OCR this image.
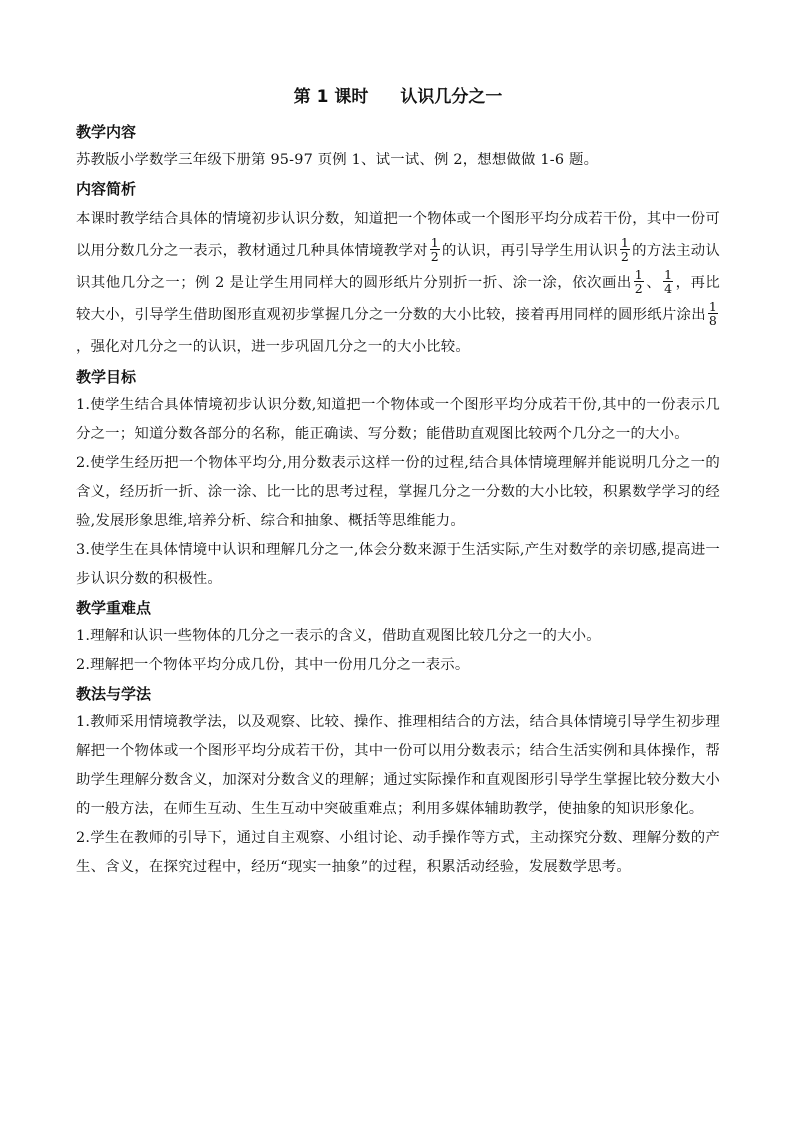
第 1 课时 认识几分之一
教学内容
苏教版小学数学三年级下册第 95-97 页例 1、试一试、例 2，想想做做 1-6 题。
内容简析
本课时教学结合具体的情境初步认识分数，知道把一个物体或一个图形平均分成若干份，其中一份可以用分数几分之一表示，教材通过几种具体情境教学对 $\frac{1}{2}$ 的认识，再引导学生用认识 $\frac{1}{2}$ 的方法主动认识其他几分之一；例 2 是让学生用同样大的圆形纸片分别折一折、涂一涂，依次画出 $\frac{1}{2}$ 、 $\frac{1}{4}$ ，再比较大小，引导学生借助图形直观初步掌握几分之一分数的大小比较，接着再用同样的圆形纸片涂出 $\frac{1}{8}$
，强化对几分之一的认识，进一步巩固几分之一的大小比较。
教学目标
1.使学生结合具体情境初步认识分数,知道把一个物体或一个图形平均分成若干份,其中的一份表示几分之一；知道分数各部分的名称，能正确读、写分数；能借助直观图比较两个几分之一的大小。
2.使学生经历把一个物体平均分,用分数表示这样一份的过程,结合具体情境理解并能说明几分之一的含义，经历折一折、涂一涂、比一比的思考过程，掌握几分之一分数的大小比较，积累数学学习的经验,发展形象思维,培养分析、综合和抽象、概括等思维能力。
3.使学生在具体情境中认识和理解几分之一,体会分数来源于生活实际,产生对数学的亲切感,提高进一步认识分数的积极性。
教学重难点
1.理解和认识一些物体的几分之一表示的含义，借助直观图比较几分之一的大小。
2.理解把一个物体平均分成几份，其中一份用几分之一表示。
教法与学法
1.教师采用情境教学法，以及观察、比较、操作、推理相结合的方法，结合具体情境引导学生初步理解把一个物体或一个图形平均分成若干份，其中一份可以用分数表示；结合生活实例和具体操作，帮助学生理解分数含义，加深对分数含义的理解；通过实际操作和直观图形引导学生掌握比较分数大小的一般方法，在师生互动、生生互动中突破重难点；利用多媒体辅助教学，使抽象的知识形象化。
2.学生在教师的引导下，通过自主观察、小组讨论、动手操作等方式，主动探究分数、理解分数的产生、含义，在探究过程中，经历“现实一抽象”的过程，积累活动经验，发展数学思考。
